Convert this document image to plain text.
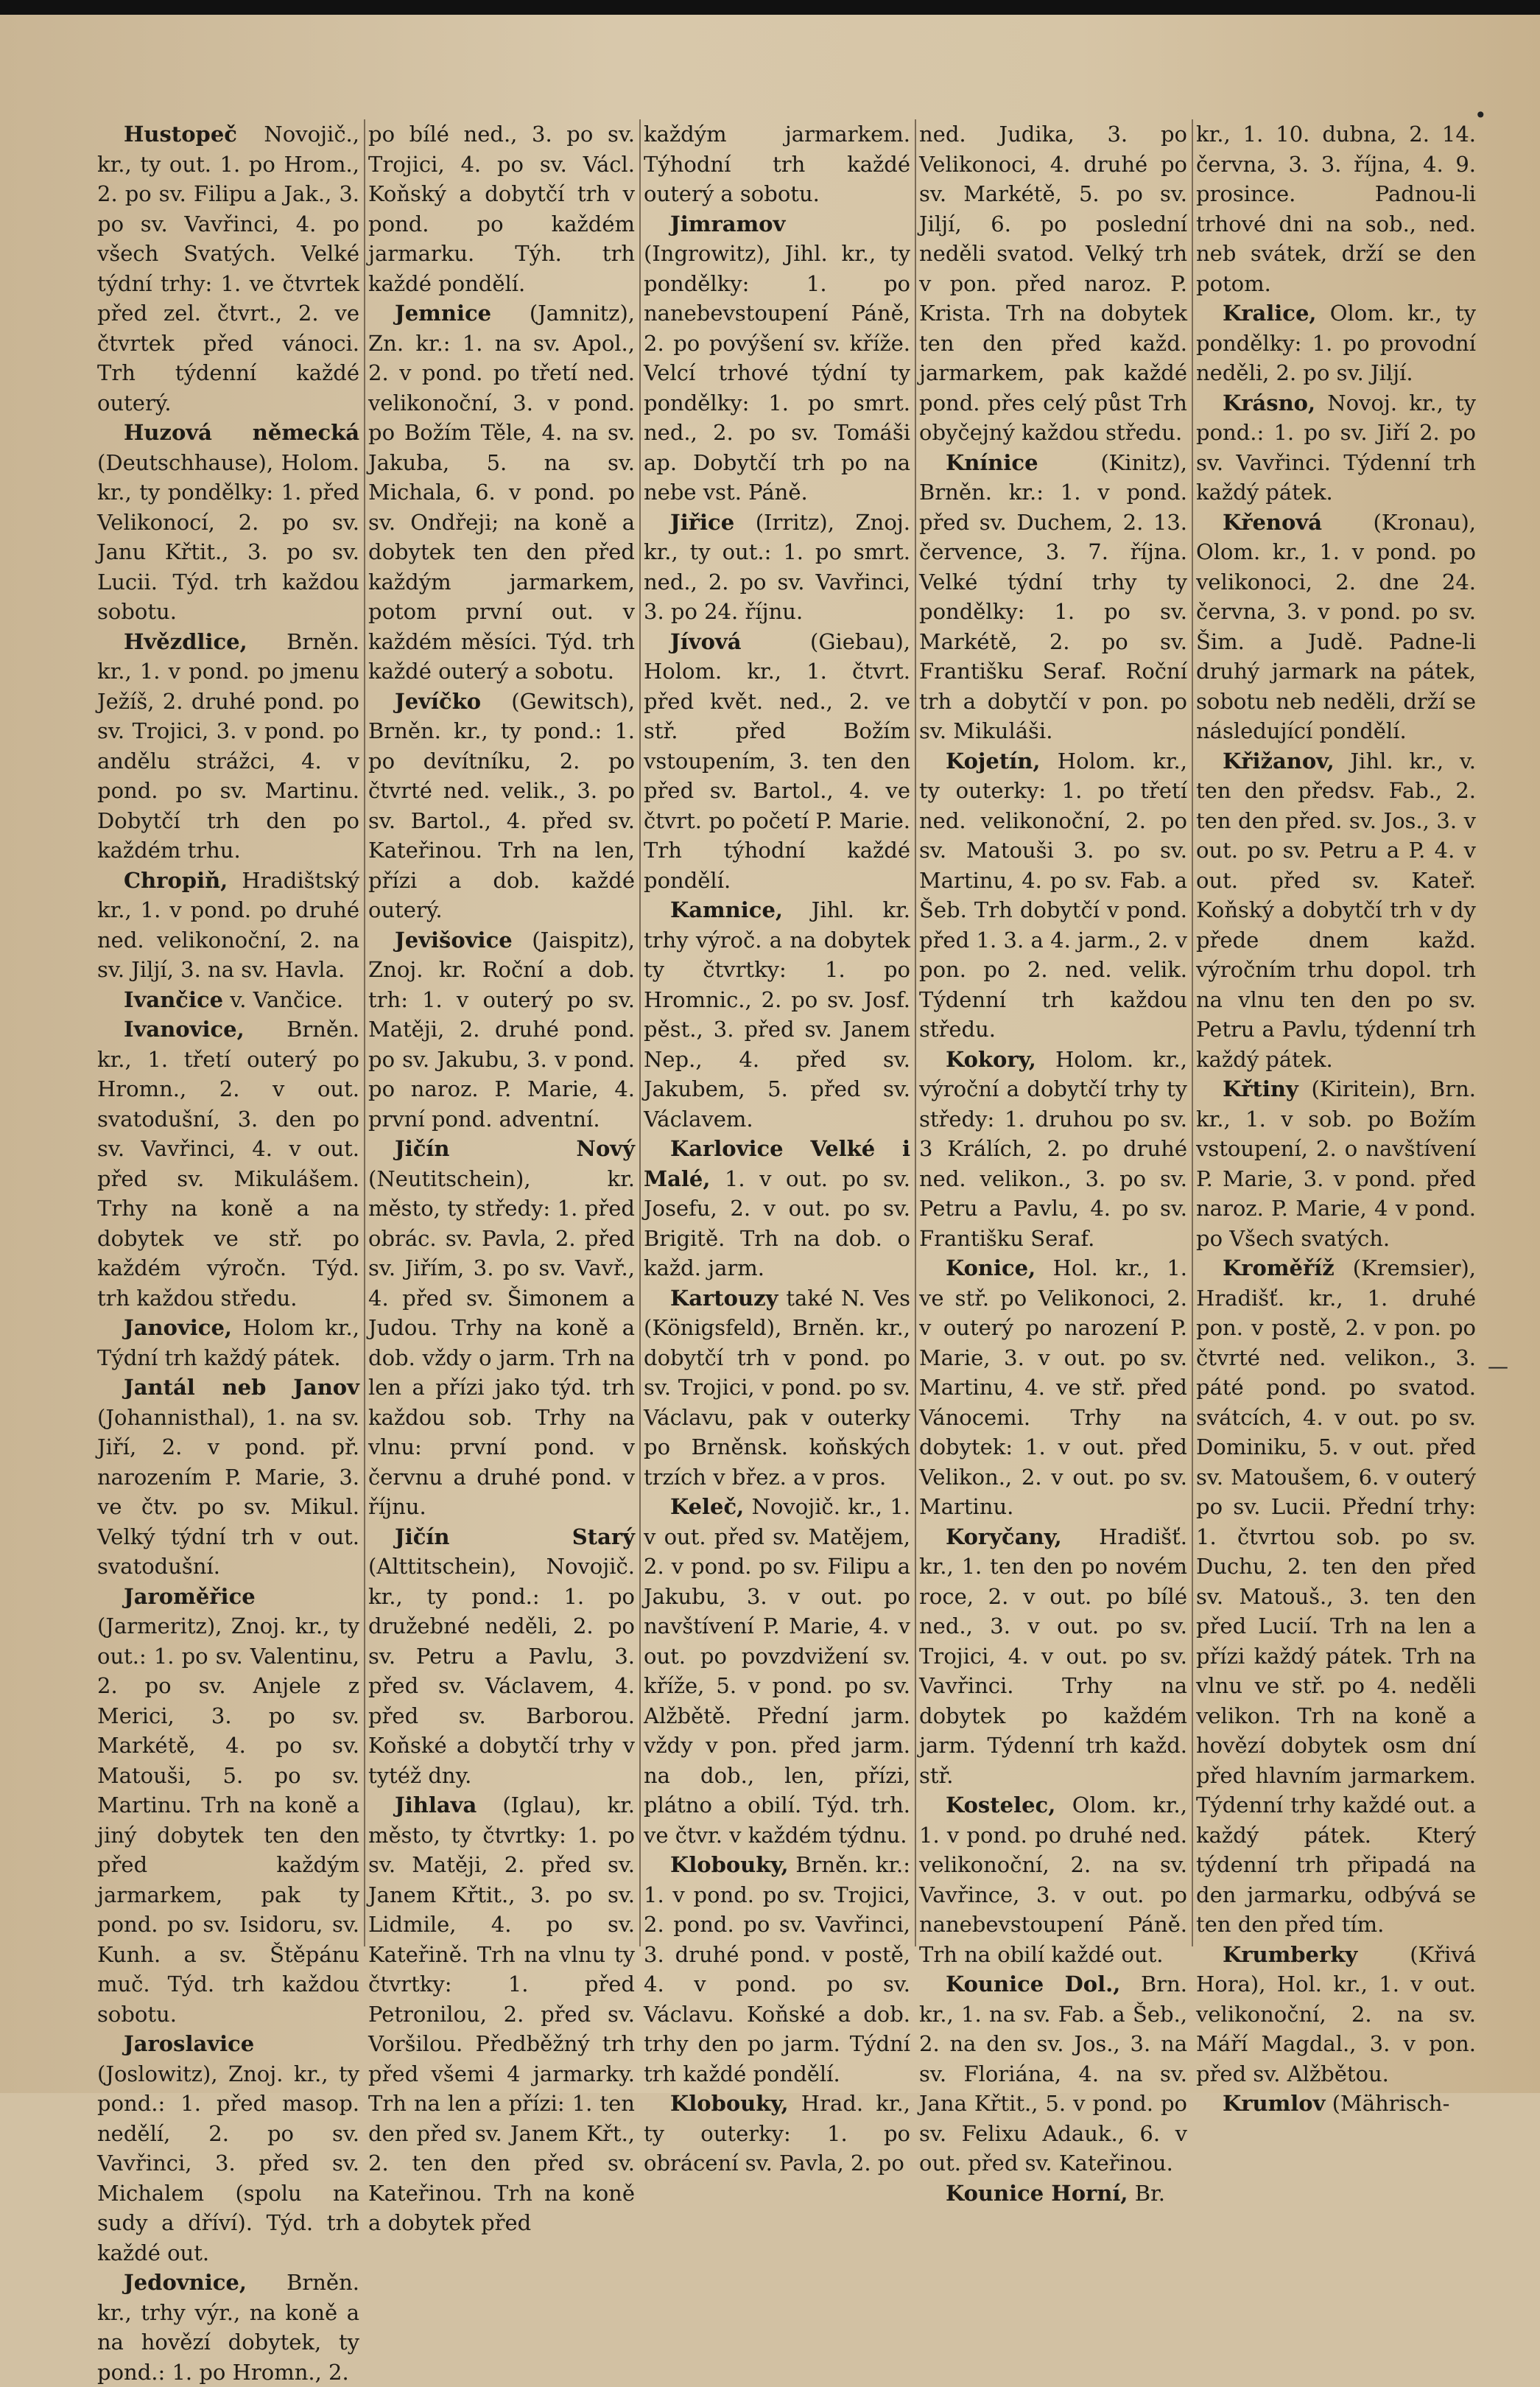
Hustopeč Novojič., kr., ty out. 1. po Hrom., 2. po sv. Filipu a Jak., 3. po sv. Vavřinci, 4. po všech Svatých. Velké týdní trhy: 1. ve čtvrtek před zel. čtvrt., 2. ve čtvrtek před vánoci. Trh týdenní každé outerý.

Huzová německá (Deutschhause), Holom. kr., ty pondělky: 1. před Velikonocí, 2. po sv. Janu Křtit., 3. po sv. Lucii. Týd. trh každou sobotu.

Hvězdlice, Brněn. kr., 1. v pond. po jmenu Ježíš, 2. druhé pond. po sv. Trojici, 3. v pond. po andělu strážci, 4. v pond. po sv. Martinu. Dobytčí trh den po každém trhu.

Chropiň, Hradištský kr., 1. v pond. po druhé ned. velikonoční, 2. na sv. Jiljí, 3. na sv. Havla.

Ivančice v. Vančice.

Ivanovice, Brněn. kr., 1. třetí outerý po Hromn., 2. v out. svatodušní, 3. den po sv. Vavřinci, 4. v out. před sv. Mikulášem. Trhy na koně a na dobytek ve stř. po každém výročn. Týd. trh každou středu.

Janovice, Holom kr., Týdní trh každý pátek.

Jantál neb Janov (Johannisthal), 1. na sv. Jiří, 2. v pond. př. narozením P. Marie, 3. ve čtv. po sv. Mikul. Velký týdní trh v out. svatodušní.

Jaroměřice (Jarmeritz), Znoj. kr., ty out.: 1. po sv. Valentinu, 2. po sv. Anjele z Merici, 3. po sv. Markétě, 4. po sv. Matouši, 5. po sv. Martinu. Trh na koně a jiný dobytek ten den před každým jarmarkem, pak ty pond. po sv. Isidoru, sv. Kunh. a sv. Štěpánu muč. Týd. trh každou sobotu.

Jaroslavice (Joslowitz), Znoj. kr., ty pond.: 1. před masop. nedělí, 2. po sv. Vavřinci, 3. před sv. Michalem (spolu na sudy a dříví). Týd. trh každé out.

Jedovnice, Brněn. kr., trhy výr., na koně a na hovězí dobytek, ty pond.: 1. po Hromn., 2.

po bílé ned., 3. po sv. Trojici, 4. po sv. Václ. Koňský a dobytčí trh v pond. po každém jarmarku. Týh. trh každé pondělí.

Jemnice (Jamnitz), Zn. kr.: 1. na sv. Apol., 2. v pond. po třetí ned. velikonoční, 3. v pond. po Božím Těle, 4. na sv. Jakuba, 5. na sv. Michala, 6. v pond. po sv. Ondřeji; na koně a dobytek ten den před každým jarmarkem, potom první out. v každém měsíci. Týd. trh každé outerý a sobotu.

Jevíčko (Gewitsch), Brněn. kr., ty pond.: 1. po devítníku, 2. po čtvrté ned. velik., 3. po sv. Bartol., 4. před sv. Kateřinou. Trh na len, přízi a dob. každé outerý.

Jevišovice (Jaispitz), Znoj. kr. Roční a dob. trh: 1. v outerý po sv. Matěji, 2. druhé pond. po sv. Jakubu, 3. v pond. po naroz. P. Marie, 4. první pond. adventní.

Jičín Nový (Neutitschein), kr. město, ty středy: 1. před obrác. sv. Pavla, 2. před sv. Jiřím, 3. po sv. Vavř., 4. před sv. Šimonem a Judou. Trhy na koně a dob. vždy o jarm. Trh na len a přízi jako týd. trh každou sob. Trhy na vlnu: první pond. v červnu a druhé pond. v říjnu.

Jičín Starý (Alttitschein), Novojič. kr., ty pond.: 1. po družebné neděli, 2. po sv. Petru a Pavlu, 3. před sv. Václavem, 4. před sv. Barborou. Koňské a dobytčí trhy v tytéž dny.

Jihlava (Iglau), kr. město, ty čtvrtky: 1. po sv. Matěji, 2. před sv. Janem Křtit., 3. po sv. Lidmile, 4. po sv. Kateřině. Trh na vlnu ty čtvrtky: 1. před Petronilou, 2. před sv. Voršilou. Předběžný trh před všemi 4 jarmarky. Trh na len a přízi: 1. ten den před sv. Janem Křt., 2. ten den před sv. Kateřinou. Trh na koně a dobytek před

každým jarmarkem. Týhodní trh každé outerý a sobotu.

Jimramov (Ingrowitz), Jihl. kr., ty pondělky: 1. po nanebevstoupení Páně, 2. po povýšení sv. kříže. Velcí trhové týdní ty pondělky: 1. po smrt. ned., 2. po sv. Tomáši ap. Dobytčí trh po na nebe vst. Páně.

Jiřice (Irritz), Znoj. kr., ty out.: 1. po smrt. ned., 2. po sv. Vavřinci, 3. po 24. říjnu.

Jívová (Giebau), Holom. kr., 1. čtvrt. před květ. ned., 2. ve stř. před Božím vstoupením, 3. ten den před sv. Bartol., 4. ve čtvrt. po početí P. Marie. Trh týhodní každé pondělí.

Kamnice, Jihl. kr. trhy výroč. a na dobytek ty čtvrtky: 1. po Hromnic., 2. po sv. Josf. pěst., 3. před sv. Janem Nep., 4. před sv. Jakubem, 5. před sv. Václavem.

Karlovice Velké i Malé, 1. v out. po sv. Josefu, 2. v out. po sv. Brigitě. Trh na dob. o každ. jarm.

Kartouzy také N. Ves (Königsfeld), Brněn. kr., dobytčí trh v pond. po sv. Trojici, v pond. po sv. Václavu, pak v outerky po Brněnsk. koňských trzích v břez. a v pros.

Keleč, Novojič. kr., 1. v out. před sv. Matějem, 2. v pond. po sv. Filipu a Jakubu, 3. v out. po navštívení P. Marie, 4. v out. po povzdvižení sv. kříže, 5. v pond. po sv. Alžbětě. Přední jarm. vždy v pon. před jarm. na dob., len, přízi, plátno a obilí. Týd. trh. ve čtvr. v každém týdnu.

Klobouky, Brněn. kr.: 1. v pond. po sv. Trojici, 2. pond. po sv. Vavřinci, 3. druhé pond. v postě, 4. v pond. po sv. Václavu. Koňské a dob. trhy den po jarm. Týdní trh každé pondělí.

Klobouky, Hrad. kr., ty outerky: 1. po obrácení sv. Pavla, 2. po

ned. Judika, 3. po Velikonoci, 4. druhé po sv. Markétě, 5. po sv. Jiljí, 6. po poslední neděli svatod. Velký trh v pon. před naroz. P. Krista. Trh na dobytek ten den před každ. jarmarkem, pak každé pond. přes celý půst Trh obyčejný každou středu.

Knínice (Kinitz), Brněn. kr.: 1. v pond. před sv. Duchem, 2. 13. července, 3. 7. října. Velké týdní trhy ty pondělky: 1. po sv. Markétě, 2. po sv. Františku Seraf. Roční trh a dobytčí v pon. po sv. Mikuláši.

Kojetín, Holom. kr., ty outerky: 1. po třetí ned. velikonoční, 2. po sv. Matouši 3. po sv. Martinu, 4. po sv. Fab. a Šeb. Trh dobytčí v pond. před 1. 3. a 4. jarm., 2. v pon. po 2. ned. velik. Týdenní trh každou středu.

Kokory, Holom. kr., výroční a dobytčí trhy ty středy: 1. druhou po sv. 3 Králích, 2. po druhé ned. velikon., 3. po sv. Petru a Pavlu, 4. po sv. Františku Seraf.

Konice, Hol. kr., 1. ve stř. po Velikonoci, 2. v outerý po narození P. Marie, 3. v out. po sv. Martinu, 4. ve stř. před Vánocemi. Trhy na dobytek: 1. v out. před Velikon., 2. v out. po sv. Martinu.

Koryčany, Hradišť. kr., 1. ten den po novém roce, 2. v out. po bílé ned., 3. v out. po sv. Trojici, 4. v out. po sv. Vavřinci. Trhy na dobytek po každém jarm. Týdenní trh každ. stř.

Kostelec, Olom. kr., 1. v pond. po druhé ned. velikonoční, 2. na sv. Vavřince, 3. v out. po nanebevstoupení Páně. Trh na obilí každé out.

Kounice Dol., Brn. kr., 1. na sv. Fab. a Šeb., 2. na den sv. Jos., 3. na sv. Floriána, 4. na sv. Jana Křtit., 5. v pond. po sv. Felixu Adauk., 6. v out. před sv. Kateřinou.

Kounice Horní, Br.

kr., 1. 10. dubna, 2. 14. června, 3. 3. října, 4. 9. prosince. Padnou-li trhové dni na sob., ned. neb svátek, drží se den potom.

Kralice, Olom. kr., ty pondělky: 1. po provodní neděli, 2. po sv. Jiljí.

Krásno, Novoj. kr., ty pond.: 1. po sv. Jiří 2. po sv. Vavřinci. Týdenní trh každý pátek.

Křenová (Kronau), Olom. kr., 1. v pond. po velikonoci, 2. dne 24. června, 3. v pond. po sv. Šim. a Judě. Padne-li druhý jarmark na pátek, sobotu neb neděli, drží se následující pondělí.

Křižanov, Jihl. kr., v. ten den předsv. Fab., 2. ten den před. sv. Jos., 3. v out. po sv. Petru a P. 4. v out. před sv. Kateř. Koňský a dobytčí trh v dy přede dnem každ. výročním trhu dopol. trh na vlnu ten den po sv. Petru a Pavlu, týdenní trh každý pátek.

Křtiny (Kiritein), Brn. kr., 1. v sob. po Božím vstoupení, 2. o navštívení P. Marie, 3. v pond. před naroz. P. Marie, 4 v pond. po Všech svatých.

Kroměříž (Kremsier), Hradišť. kr., 1. druhé pon. v postě, 2. v pon. po čtvrté ned. velikon., 3. páté pond. po svatod. svátcích, 4. v out. po sv. Dominiku, 5. v out. před sv. Matoušem, 6. v outerý po sv. Lucii. Přední trhy: 1. čtvrtou sob. po sv. Duchu, 2. ten den před sv. Matouš., 3. ten den před Lucií. Trh na len a přízi každý pátek. Trh na vlnu ve stř. po 4. neděli velikon. Trh na koně a hovězí dobytek osm dní před hlavním jarmarkem. Týdenní trhy každé out. a každý pátek. Který týdenní trh připadá na den jarmarku, odbývá se ten den před tím.

Krumberky (Křivá Hora), Hol. kr., 1. v out. velikonoční, 2. na sv. Máří Magdal., 3. v pon. před sv. Alžbětou.

Krumlov (Mährisch-

•
—
